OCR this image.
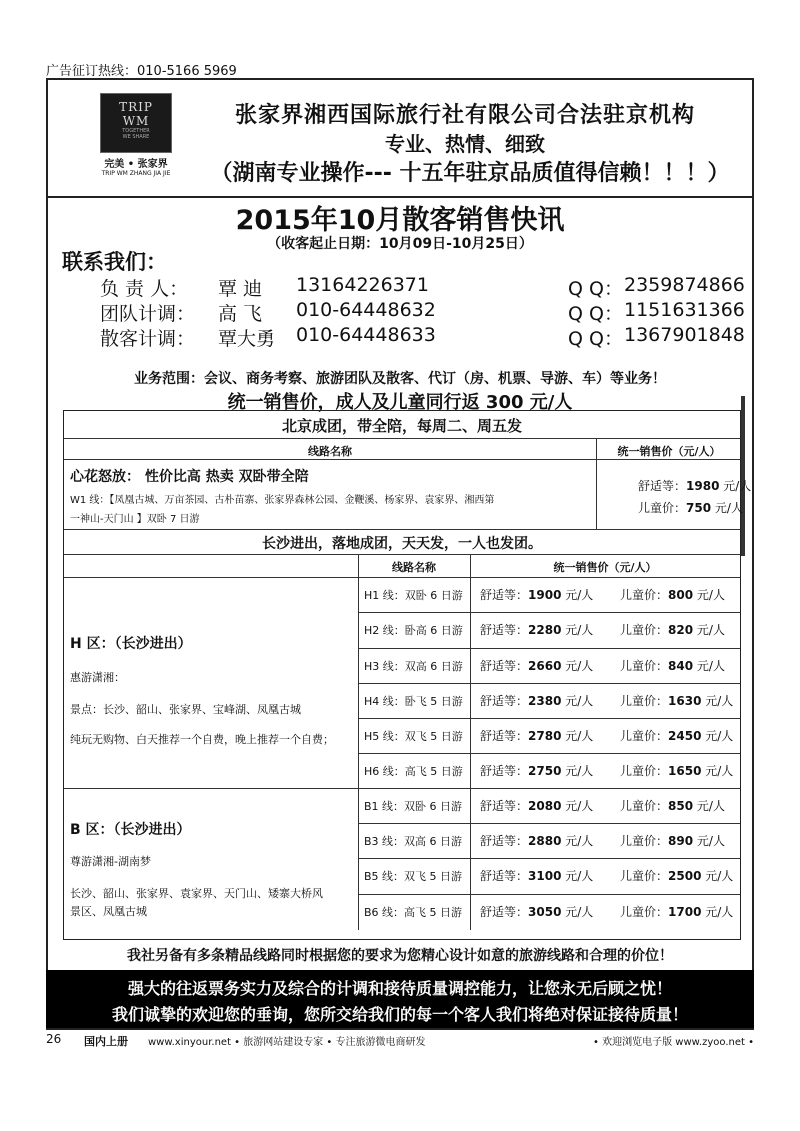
广告征订热线：010-5166 5969
TRIP
WM
TOGETHER
WE SHARE
完美 • 张家界
TRIP WM ZHANG JIA JIE
张家界湘西国际旅行社有限公司合法驻京机构
专业、热情、细致
（湖南专业操作--- 十五年驻京品质值得信赖！！！）
2015年10月散客销售快讯
（收客起止日期：10月09日-10月25日）
联系我们：
负 责 人： 覃 迪 13164226371	Q Q： 2359874866
团队计调： 高 飞 010-64448632	Q Q： 1151631366
散客计调： 覃大勇 010-64448633	Q Q： 1367901848
业务范围：会议、商务考察、旅游团队及散客、代订（房、机票、导游、车）等业务！
统一销售价，成人及儿童同行返 300 元/人
北京成团，带全陪，每周二、周五发
线路名称	统一销售价（元/人）
心花怒放： 性价比高 热卖 双卧带全陪
W1 线：【凤凰古城、万亩茶园、古朴苗寨、张家界森林公园、金鞭溪、杨家界、袁家界、湘西第
一神山-天门山 】双卧 7 日游
舒适等：1980 元/人
儿童价：750 元/人
长沙进出，落地成团，天天发，一人也发团。
线路名称	统一销售价（元/人）
H 区：（长沙进出）
惠游潇湘：
景点：长沙、韶山、张家界、宝峰湖、凤凰古城
纯玩无购物、白天推荐一个自费，晚上推荐一个自费；
B 区：（长沙进出）
尊游潇湘-湖南梦
长沙、韶山、张家界、袁家界、天门山、矮寨大桥风
景区、凤凰古城
H1 线：双卧 6 日游 舒适等：1900 元/人 儿童价：800 元/人
H2 线：卧高 6 日游 舒适等：2280 元/人 儿童价：820 元/人
H3 线：双高 6 日游 舒适等：2660 元/人 儿童价：840 元/人
H4 线：卧飞 5 日游 舒适等：2380 元/人 儿童价：1630 元/人
H5 线：双飞 5 日游 舒适等：2780 元/人 儿童价：2450 元/人
H6 线：高飞 5 日游 舒适等：2750 元/人 儿童价：1650 元/人
B1 线：双卧 6 日游 舒适等：2080 元/人 儿童价：850 元/人
B3 线：双高 6 日游 舒适等：2880 元/人 儿童价：890 元/人
B5 线：双飞 5 日游 舒适等：3100 元/人 儿童价：2500 元/人
B6 线：高飞 5 日游 舒适等：3050 元/人 儿童价：1700 元/人
我社另备有多条精品线路同时根据您的要求为您精心设计如意的旅游线路和合理的价位！
强大的往返票务实力及综合的计调和接待质量调控能力，让您永无后顾之忧！
我们诚挚的欢迎您的垂询，您所交给我们的每一个客人我们将绝对保证接待质量！
26 国内上册 www.xinyour.net • 旅游网站建设专家 • 专注旅游微电商研发	• 欢迎浏览电子版 www.zyoo.net •
